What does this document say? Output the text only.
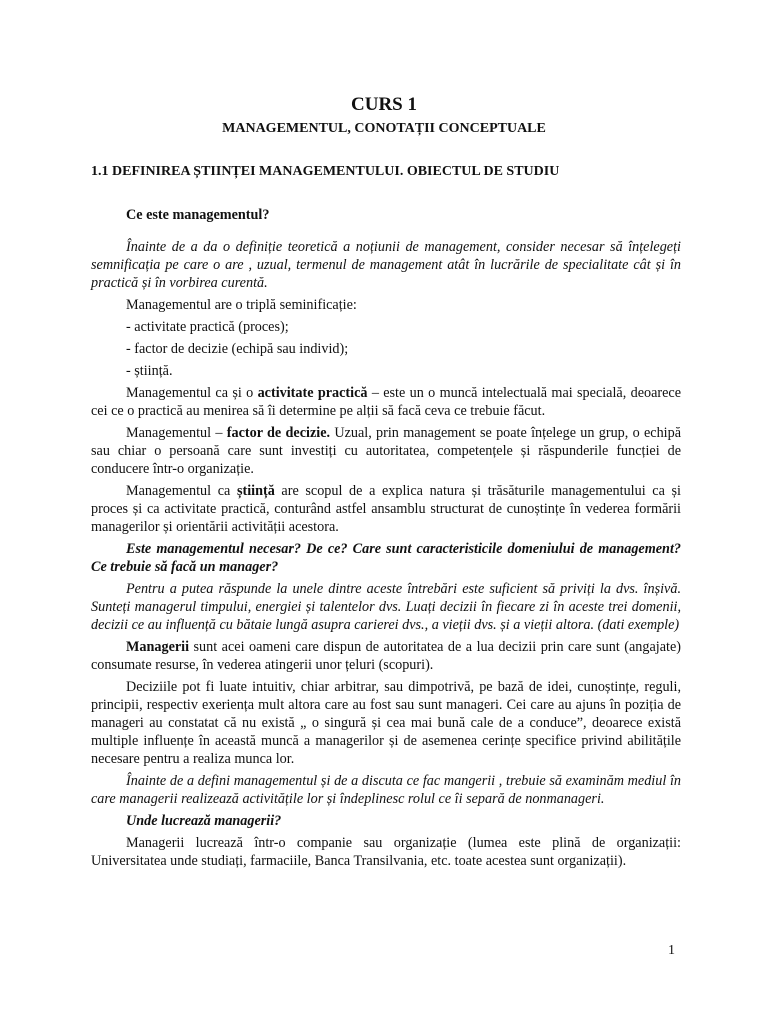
CURS 1
MANAGEMENTUL, CONOTAȚII CONCEPTUALE
1.1 DEFINIREA ȘTIINȚEI MANAGEMENTULUI. OBIECTUL DE STUDIU

Ce este managementul?

Înainte de a da o definiție teoretică a noțiunii de management, consider necesar să înțelegeți semnificația pe care o are , uzual, termenul de management atât în lucrările de specialitate cât și în practică și în vorbirea curentă.

Managementul are o triplă seminificație:

- activitate practică (proces);
- factor de decizie (echipă sau individ);
- știință.

Managementul ca și o activitate practică – este un o muncă intelectuală mai specială, deoarece cei ce o practică au menirea să îi determine pe alții să facă ceva ce trebuie făcut.

Managementul – factor de decizie. Uzual, prin management se poate înțelege un grup, o echipă sau chiar o persoană care sunt investiți cu autoritatea, competențele și răspunderile funcției de conducere într-o organizație.

Managementul ca știință are scopul de a explica natura și trăsăturile managementului ca și proces și ca activitate practică, conturând astfel ansamblu structurat de cunoștințe în vederea formării managerilor și orientării activității acestora.

Este managementul necesar? De ce? Care sunt caracteristicile domeniului de management? Ce trebuie să facă un manager?

Pentru a putea răspunde la unele dintre aceste întrebări este suficient să priviți la dvs. înșivă. Sunteți managerul timpului, energiei și talentelor dvs. Luați decizii în fiecare zi în aceste trei domenii, decizii ce au influență cu bătaie lungă asupra carierei dvs., a vieții dvs. și a vieții altora. (dati exemple)

Managerii sunt acei oameni care dispun de autoritatea de a lua decizii prin care sunt (angajate) consumate resurse, în vederea atingerii unor țeluri (scopuri).

Deciziile pot fi luate intuitiv, chiar arbitrar, sau dimpotrivă, pe bază de idei, cunoștințe, reguli, principii, respectiv exeriența mult altora care au fost sau sunt manageri. Cei care au ajuns în poziția de manageri au constatat că nu există „ o singură și cea mai bună cale de a conduce”, deoarece există multiple influențe în această muncă a managerilor și de asemenea cerințe specifice privind abilitățile necesare pentru a realiza munca lor.

Înainte de a defini managementul și de a discuta ce fac mangerii , trebuie să examinăm mediul în care managerii realizează activitățile lor și îndeplinesc rolul ce îi separă de nonmanageri.

Unde lucrează managerii?

Managerii lucrează într-o companie sau organizație (lumea este plină de organizații: Universitatea unde studiați, farmaciile, Banca Transilvania, etc. toate acestea sunt organizații).

1
